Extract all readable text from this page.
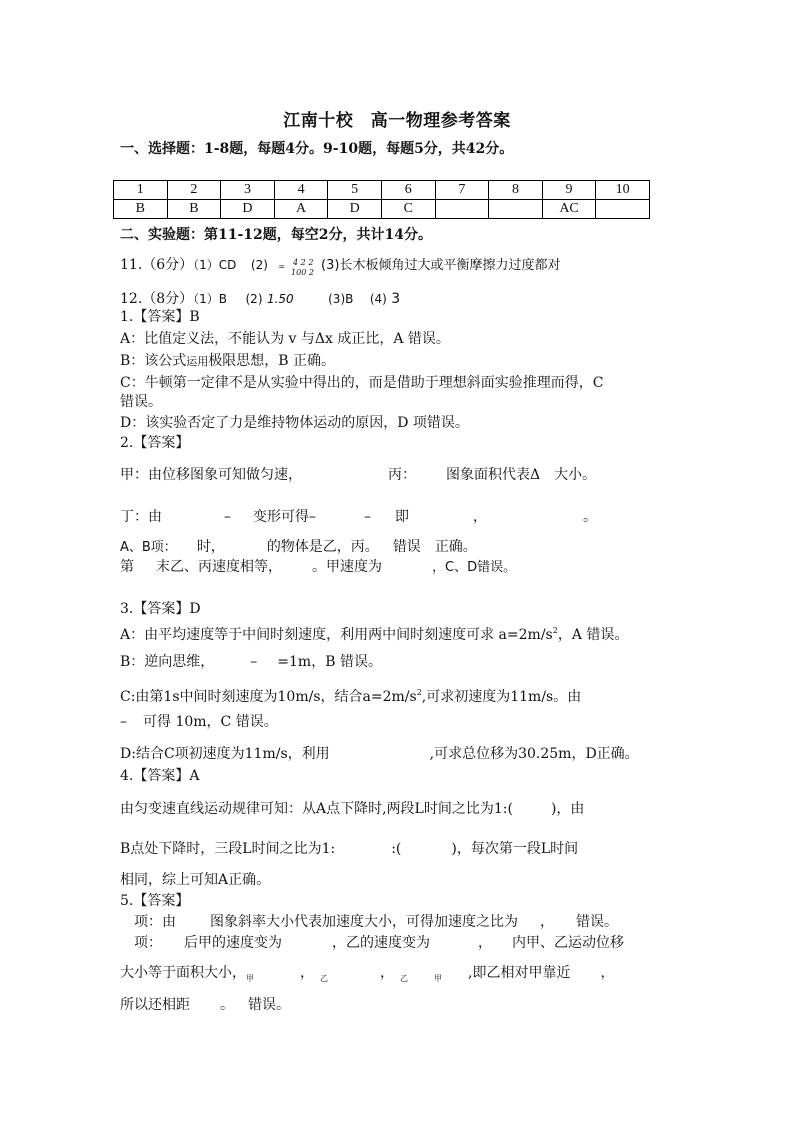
江南十校　高一物理参考答案
一、选择题：1-8题，每题4分。9-10题，每题5分，共42分。
1	2	3	4	5	6	7	8	9	10
B	B	D	A	D	C			AC	
二、实验题：第11-12题，每空2分，共计14分。
11.（6分）（1）CD (2) = 4 2 2
100 2 (3)长木板倾角过大或平衡摩擦力过度都对
12.（8分）（1）B (2) 1.50	(3)B (4) 3
1.【答案】B
A：比值定义法，不能认为 v 与Δx 成正比，A 错误。
B：该公式运用极限思想，B 正确。
C：牛顿第一定律不是从实验中得出的，而是借助于理想斜面实验推理而得，C
错误。
D：该实验否定了力是维持物体运动的原因，D 项错误。
2.【答案】
甲：由位移图象可知做匀速，	丙： 图象面积代表Δ　大小。
丁：由	– 变形可得–	– 即	，	。
A、B项： 时，	的物体是乙，丙。 错误 正确。
第 末乙、丙速度相等， 。甲速度为	，C、D错误。
3.【答案】D
A：由平均速度等于中间时刻速度，利用两中间时刻速度可求 $a=2m/s^2$，A 错误。
B：逆向思维，	– =1m，B 错误。
C:由第1s中间时刻速度为10m/s，结合$a=2m/s^2$,可求初速度为11m/s。由
– 可得 10m，C 错误。
D:结合C项初速度为11m/s，利用	,可求总位移为30.25m，D正确。
4.【答案】A
由匀变速直线运动规律可知：从A点下降时,两段L时间之比为1:(	)，由
B点处下降时，三段L时间之比为1:	:(	)，每次第一段L时间
相同，综上可知A正确。
5.【答案】
项：由 图象斜率大小代表加速度大小，可得加速度之比为 ， 错误。
项： 后甲的速度变为	，乙的速度变为	， 内甲、乙运动位移
大小等于面积大小，$_甲$	， $_乙$	， $_乙$	$_甲$ ,即乙相对甲靠近 ，
所以还相距 。 错误。
